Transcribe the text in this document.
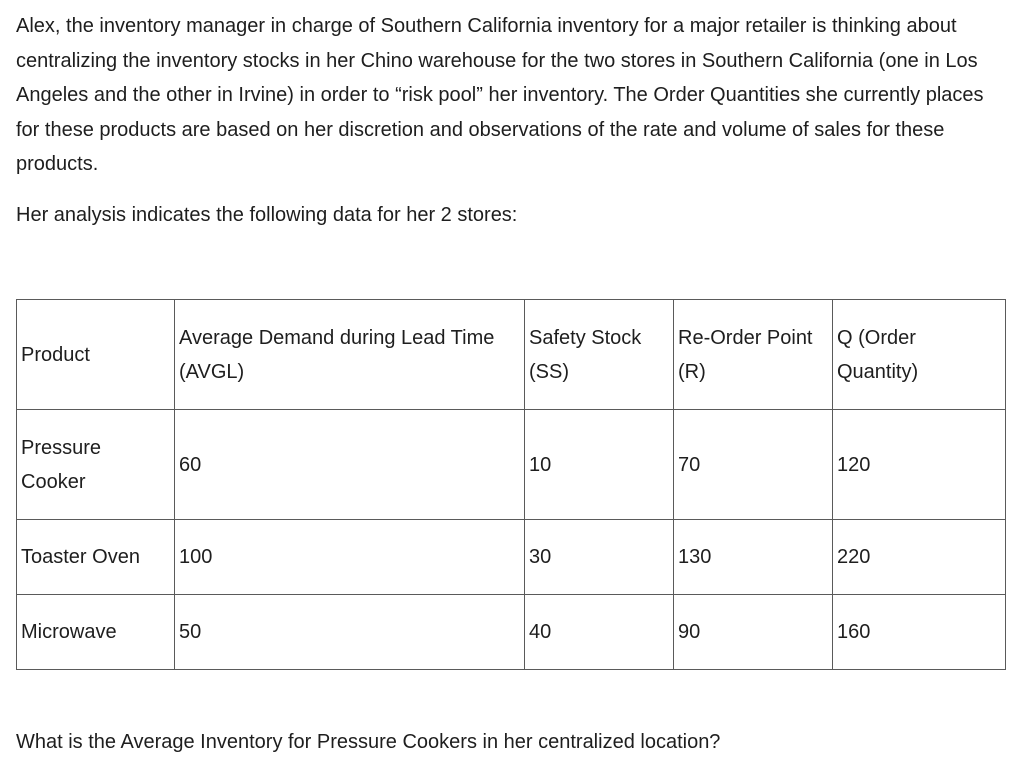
Alex, the inventory manager in charge of Southern California inventory for a major retailer is thinking about centralizing the inventory stocks in her Chino warehouse for the two stores in Southern California (one in Los Angeles and the other in Irvine) in order to “risk pool” her inventory. The Order Quantities she currently places for these products are based on her discretion and observations of the rate and volume of sales for these products.

Her analysis indicates the following data for her 2 stores:

Product	Average Demand during Lead Time (AVGL)	Safety Stock (SS)	Re-Order Point (R)	Q (Order Quantity)
Pressure Cooker	60	10	70	120
Toaster Oven	100	30	130	220
Microwave	50	40	90	160

What is the Average Inventory for Pressure Cookers in her centralized location?
